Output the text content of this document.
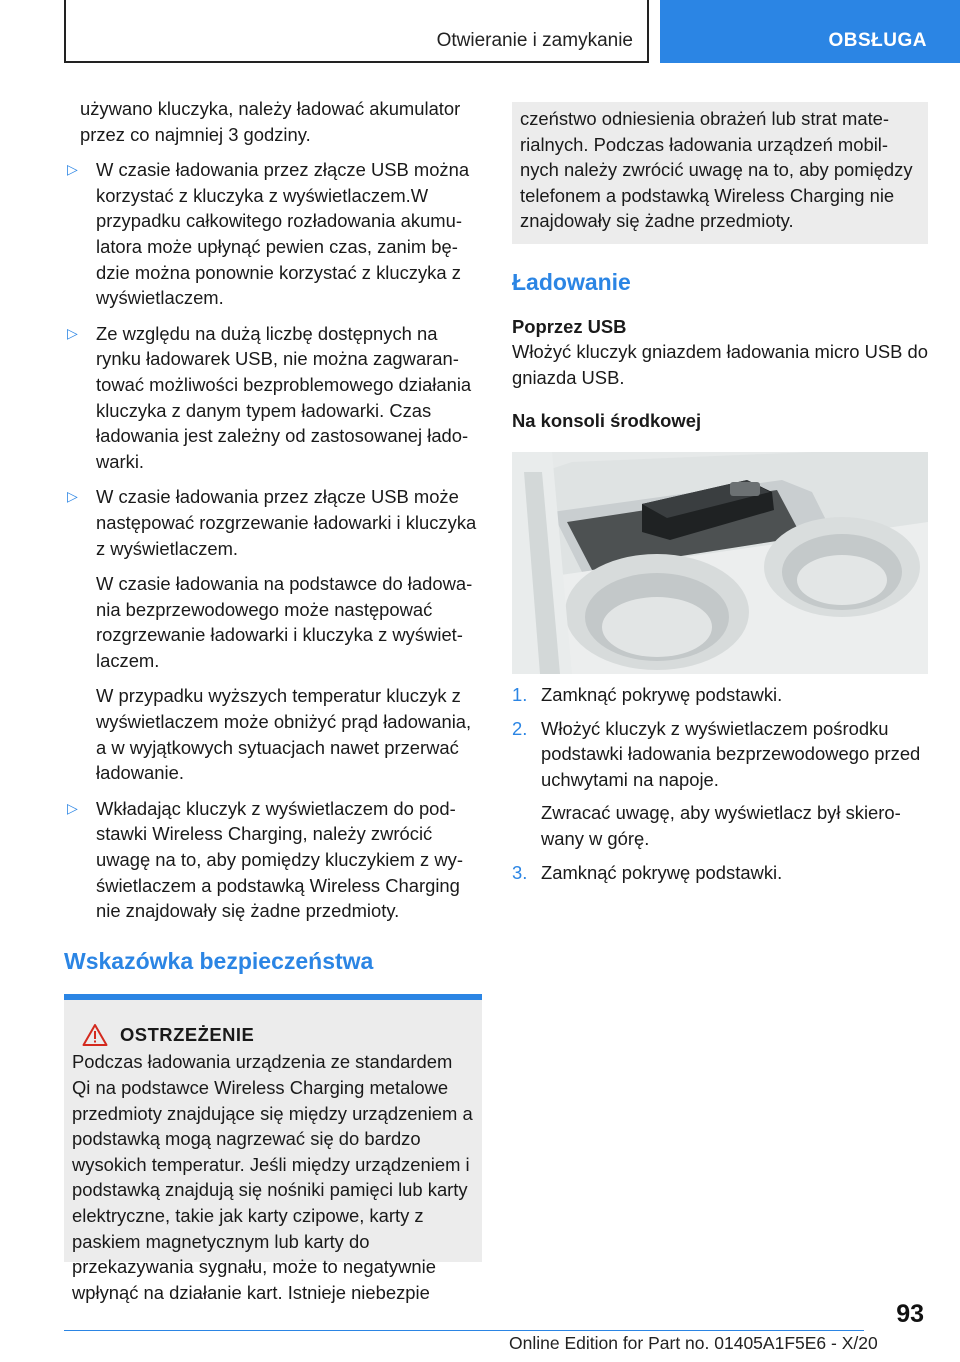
Otwieranie i zamykanie	OBSŁUGA

używano kluczyka, należy ładować akumulator przez co najmniej 3 godziny.

▷ W czasie ładowania przez złącze USB można korzystać z kluczyka z wyświetlaczem.W przypadku całkowitego rozładowania akumulatora może upłynąć pewien czas, zanim będzie można ponownie korzystać z kluczyka z wyświetlaczem.
▷ Ze względu na dużą liczbę dostępnych na rynku ładowarek USB, nie można zagwarantować możliwości bezproblemowego działania kluczyka z danym typem ładowarki. Czas ładowania jest zależny od zastosowanej ładowarki.
▷ W czasie ładowania przez złącze USB może następować rozgrzewanie ładowarki i kluczyka z wyświetlaczem.
W czasie ładowania na podstawce do ładowania bezprzewodowego może następować rozgrzewanie ładowarki i kluczyka z wyświetlaczem.
W przypadku wyższych temperatur kluczyk z wyświetlaczem może obniżyć prąd ładowania, a w wyjątkowych sytuacjach nawet przerwać ładowanie.
▷ Wkładając kluczyk z wyświetlaczem do podstawki Wireless Charging, należy zwrócić uwagę na to, aby pomiędzy kluczykiem z wyświetlaczem a podstawką Wireless Charging nie znajdowały się żadne przedmioty.
Wskazówka bezpieczeństwa
OSTRZEŻENIE
Podczas ładowania urządzenia ze standardem Qi na podstawce Wireless Charging metalowe przedmioty znajdujące się między urządzeniem a podstawką mogą nagrzewać się do bardzo wysokich temperatur. Jeśli między urządzeniem i podstawką znajdują się nośniki pamięci lub karty elektryczne, takie jak karty czipowe, karty z paskiem magnetycznym lub karty do przekazywania sygnału, może to negatywnie wpłynąć na działanie kart. Istnieje niebezpie
czeństwo odniesienia obrażeń lub strat materialnych. Podczas ładowania urządzeń mobilnych należy zwrócić uwagę na to, aby pomiędzy telefonem a podstawką Wireless Charging nie znajdowały się żadne przedmioty.
Ładowanie

Poprzez USB

Włożyć kluczyk gniazdem ładowania micro USB do gniazda USB.

Na konsoli środkowej

1. Zamknąć pokrywę podstawki.
2. Włożyć kluczyk z wyświetlaczem pośrodku podstawki ładowania bezprzewodowego przed uchwytami na napoje.
Zwracać uwagę, aby wyświetlacz był skierowany w górę.
3. Zamknąć pokrywę podstawki.
93
Online Edition for Part no. 01405A1F5E6 - X/20
